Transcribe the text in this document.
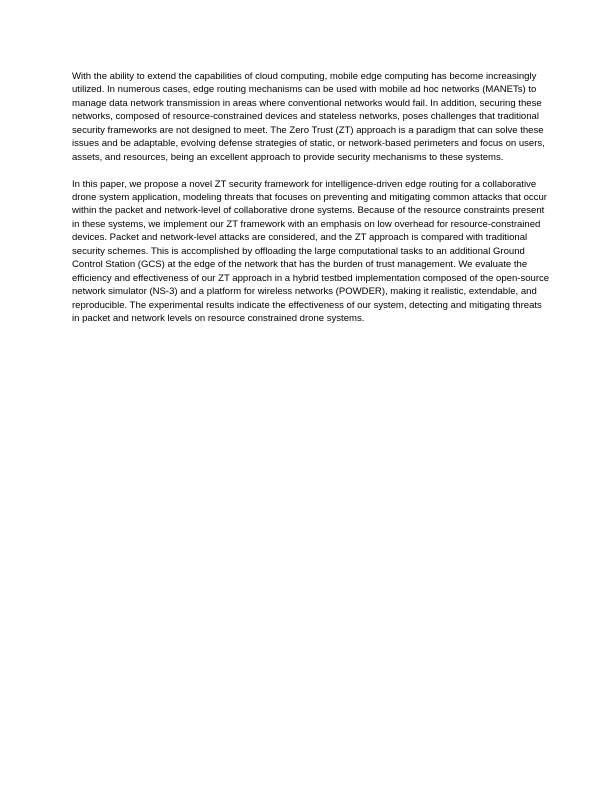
With the ability to extend the capabilities of cloud computing, mobile edge computing has become increasingly utilized. In numerous cases, edge routing mechanisms can be used with mobile ad hoc networks (MANETs) to manage data network transmission in areas where conventional networks would fail. In addition, securing these networks, composed of resource-constrained devices and stateless networks, poses challenges that traditional security frameworks are not designed to meet. The Zero Trust (ZT) approach is a paradigm that can solve these issues and be adaptable, evolving defense strategies of static, or network-based perimeters and focus on users, assets, and resources, being an excellent approach to provide security mechanisms to these systems.

In this paper, we propose a novel ZT security framework for intelligence-driven edge routing for a collaborative drone system application, modeling threats that focuses on preventing and mitigating common attacks that occur within the packet and network-level of collaborative drone systems. Because of the resource constraints present in these systems, we implement our ZT framework with an emphasis on low overhead for resource-constrained devices. Packet and network-level attacks are considered, and the ZT approach is compared with traditional security schemes. This is accomplished by offloading the large computational tasks to an additional Ground Control Station (GCS) at the edge of the network that has the burden of trust management. We evaluate the efficiency and effectiveness of our ZT approach in a hybrid testbed implementation composed of the open-source network simulator (NS-3) and a platform for wireless networks (POWDER), making it realistic, extendable, and reproducible. The experimental results indicate the effectiveness of our system, detecting and mitigating threats in packet and network levels on resource constrained drone systems.
